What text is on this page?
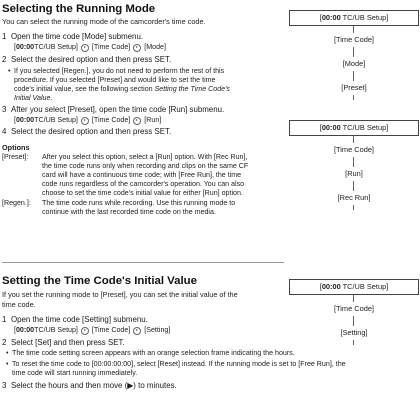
Selecting the Running Mode
You can select the running mode of the camcorder's time code.
1 Open the time code [Mode] submenu.
[ 00:00 TC/UB Setup] [Time Code] [Mode]
2 Select the desired option and then press SET.
• If you selected [Regen.], you do not need to perform the rest of this
procedure. If you selected [Preset] and would like to set the time
code's initial value, see the following section Setting the Time Code's
Initial Value.
3 After you select [Preset], open the time code [Run] submenu.
[ 00:00 TC/UB Setup] [Time Code] [Run]
4 Select the desired option and then press SET.
Options
[Preset]: After you select this option, select a [Run] option. With [Rec Run],
the time code runs only when recording and clips on the same CF
card will have a continuous time code; with [Free Run], the time
code runs regardless of the camcorder's operation. You can also
choose to set the time code's initial value for either [Run] option.
[Regen.]: The time code runs while recording. Use this running mode to
continue with the last recorded time code on the media.
Setting the Time Code's Initial Value
If you set the running mode to [Preset], you can set the initial value of the
time code.
1 Open the time code [Setting] submenu.
[ 00:00 TC/UB Setup] [Time Code] [Setting]
2 Select [Set] and then press SET.
• The time code setting screen appears with an orange selection frame indicating the hours.
• To reset the time code to [00:00:00:00], select [Reset] instead. If the running mode is set to [Free Run], the
time code will start running immediately.
3 Select the hours and then move (▶) to minutes.
[00:00 TC/UB Setup]
[Time Code]
[Mode]
[Preset]
[00:00 TC/UB Setup]
[Time Code]
[Run]
[Rec Run]
[00:00 TC/UB Setup]
[Time Code]
[Setting]
